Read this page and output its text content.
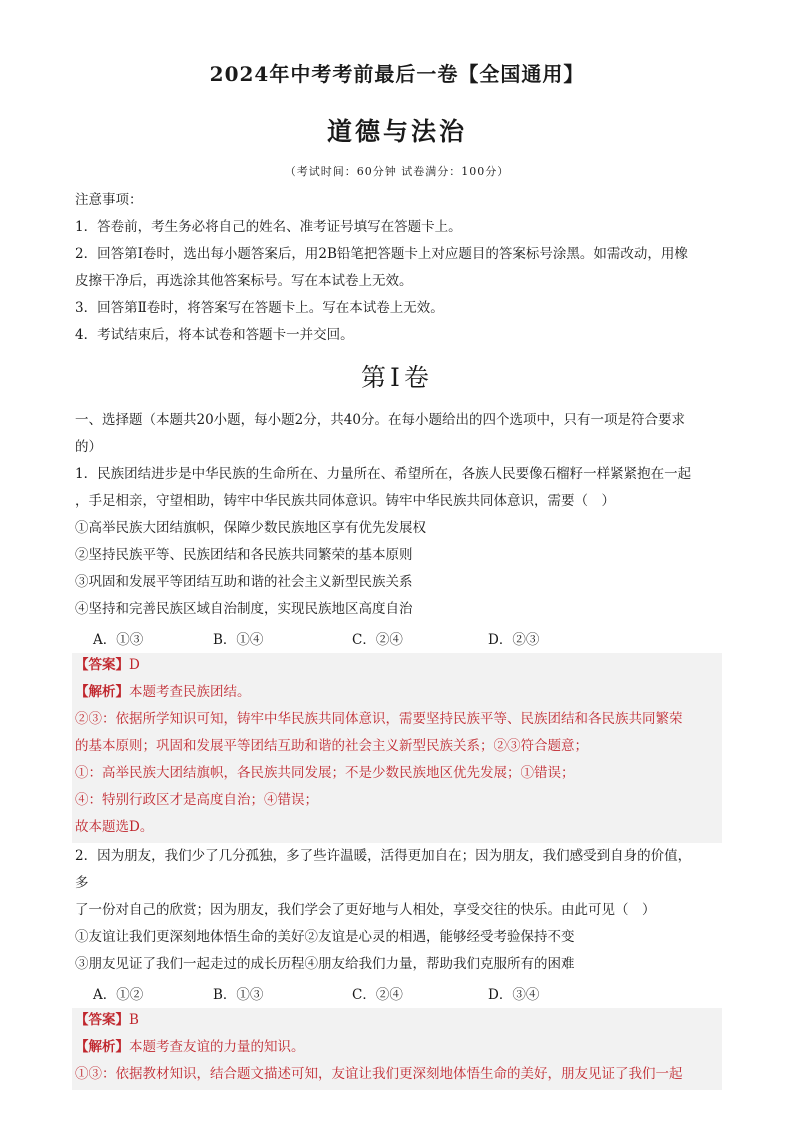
2024年中考考前最后一卷【全国通用】
道德与法治
（考试时间：60分钟 试卷满分：100分）
注意事项：
1．答卷前，考生务必将自己的姓名、准考证号填写在答题卡上。
2．回答第Ⅰ卷时，选出每小题答案后，用2B铅笔把答题卡上对应题目的答案标号涂黑。如需改动，用橡
皮擦干净后，再选涂其他答案标号。写在本试卷上无效。
3．回答第Ⅱ卷时，将答案写在答题卡上。写在本试卷上无效。
4．考试结束后，将本试卷和答题卡一并交回。
第Ⅰ卷
一、选择题（本题共20小题，每小题2分，共40分。在每小题给出的四个选项中，只有一项是符合要求
的）
1．民族团结进步是中华民族的生命所在、力量所在、希望所在，各族人民要像石榴籽一样紧紧抱在一起
，手足相亲，守望相助，铸牢中华民族共同体意识。铸牢中华民族共同体意识，需要（　）
①高举民族大团结旗帜，保障少数民族地区享有优先发展权
②坚持民族平等、民族团结和各民族共同繁荣的基本原则
③巩固和发展平等团结互助和谐的社会主义新型民族关系
④坚持和完善民族区域自治制度，实现民族地区高度自治
A．①③	B．①④	C．②④	D．②③
【答案】D
【解析】本题考查民族团结。
②③：依据所学知识可知，铸牢中华民族共同体意识，需要坚持民族平等、民族团结和各民族共同繁荣
的基本原则；巩固和发展平等团结互助和谐的社会主义新型民族关系；②③符合题意；
①：高举民族大团结旗帜，各民族共同发展；不是少数民族地区优先发展；①错误；
④：特别行政区才是高度自治；④错误；
故本题选D。
2．因为朋友，我们少了几分孤独，多了些许温暖，活得更加自在；因为朋友，我们感受到自身的价值，
多
了一份对自己的欣赏；因为朋友，我们学会了更好地与人相处，享受交往的快乐。由此可见（　）
①友谊让我们更深刻地体悟生命的美好②友谊是心灵的相遇，能够经受考验保持不变
③朋友见证了我们一起走过的成长历程④朋友给我们力量，帮助我们克服所有的困难
A．①②	B．①③	C．②④	D．③④
【答案】B
【解析】本题考查友谊的力量的知识。
①③：依据教材知识，结合题文描述可知，友谊让我们更深刻地体悟生命的美好，朋友见证了我们一起
